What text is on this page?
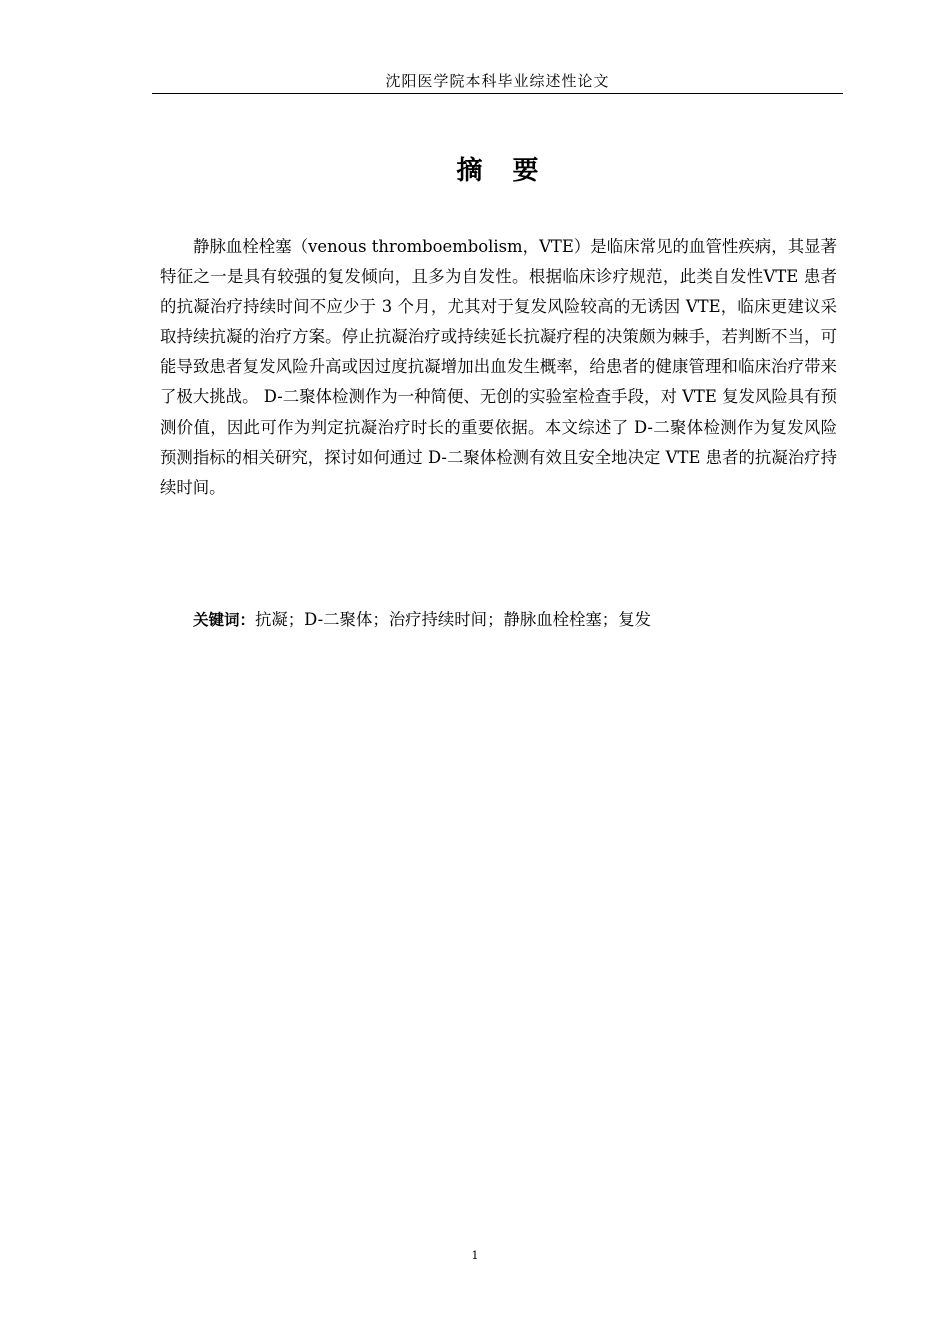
沈阳医学院本科毕业综述性论文
摘 要

静脉血栓栓塞（venous thromboembolism，VTE）是临床常见的血管性疾病，其显著特征之一是具有较强的复发倾向，且多为自发性。根据临床诊疗规范，此类自发性VTE 患者的抗凝治疗持续时间不应少于 3 个月，尤其对于复发风险较高的无诱因 VTE，临床更建议采取持续抗凝的治疗方案。停止抗凝治疗或持续延长抗凝疗程的决策颇为棘手，若判断不当，可能导致患者复发风险升高或因过度抗凝增加出血发生概率，给患者的健康管理和临床治疗带来了极大挑战。 D-二聚体检测作为一种简便、无创的实验室检查手段，对 VTE 复发风险具有预测价值，因此可作为判定抗凝治疗时长的重要依据。本文综述了 D-二聚体检测作为复发风险预测指标的相关研究，探讨如何通过 D-二聚体检测有效且安全地决定 VTE 患者的抗凝治疗持续时间。

关键词：抗凝；D-二聚体；治疗持续时间；静脉血栓栓塞；复发

1
